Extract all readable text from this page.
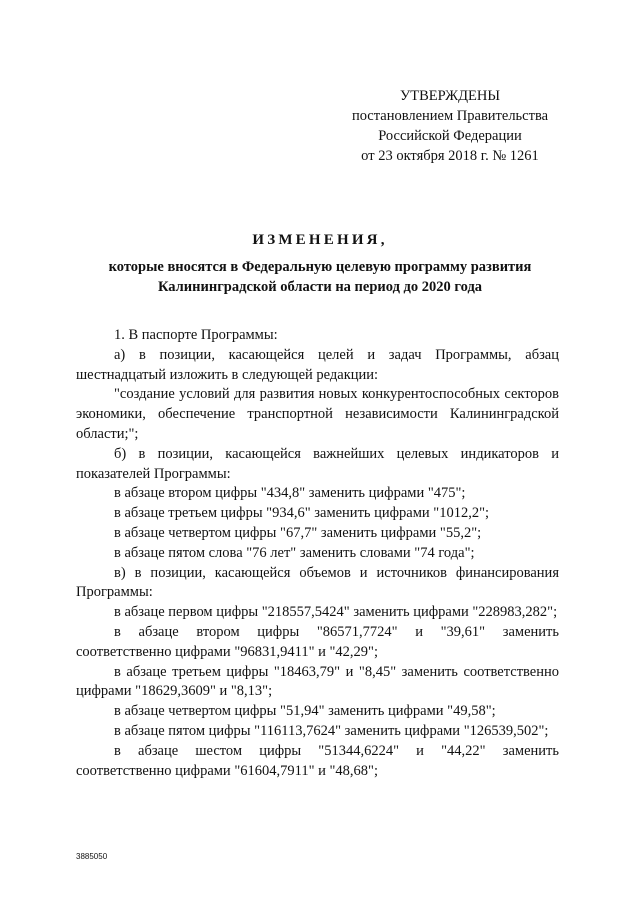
УТВЕРЖДЕНЫ
постановлением Правительства
Российской Федерации
от 23 октября 2018 г. № 1261
ИЗМЕНЕНИЯ,
которые вносятся в Федеральную целевую программу развития
Калининградской области на период до 2020 года

1. В паспорте Программы:

а) в позиции, касающейся целей и задач Программы, абзац шестнадцатый изложить в следующей редакции:

"создание условий для развития новых конкурентоспособных секторов экономики, обеспечение транспортной независимости Калининградской области;";

б) в позиции, касающейся важнейших целевых индикаторов и показателей Программы:

в абзаце втором цифры "434,8" заменить цифрами "475";

в абзаце третьем цифры "934,6" заменить цифрами "1012,2";

в абзаце четвертом цифры "67,7" заменить цифрами "55,2";

в абзаце пятом слова "76 лет" заменить словами "74 года";

в) в позиции, касающейся объемов и источников финансирования Программы:

в абзаце первом цифры "218557,5424" заменить цифрами "228983,282";

в абзаце втором цифры "86571,7724" и "39,61" заменить соответственно цифрами "96831,9411" и "42,29";

в абзаце третьем цифры "18463,79" и "8,45" заменить соответственно цифрами "18629,3609" и "8,13";

в абзаце четвертом цифры "51,94" заменить цифрами "49,58";

в абзаце пятом цифры "116113,7624" заменить цифрами "126539,502";

в абзаце шестом цифры "51344,6224" и "44,22" заменить соответственно цифрами "61604,7911" и "48,68";

3885050
